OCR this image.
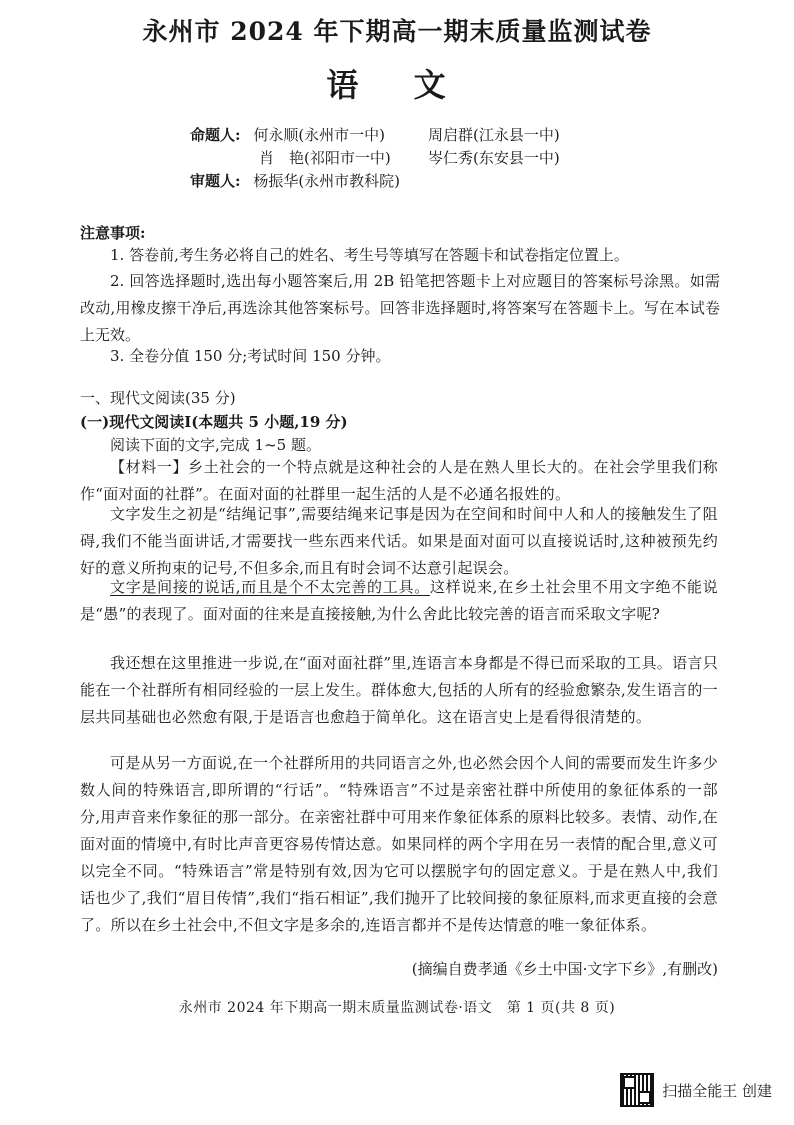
永州市 2024 年下期高一期末质量监测试卷
语 文
命题人: 何永顺(永州市一中)	周启群(江永县一中)
肖　艳(祁阳市一中) 岑仁秀(东安县一中)
审题人: 杨振华(永州市教科院)
注意事项:

1. 答卷前,考生务必将自己的姓名、考生号等填写在答题卡和试卷指定位置上。

2. 回答选择题时,选出每小题答案后,用 2B 铅笔把答题卡上对应题目的答案标号涂黑。如需改动,用橡皮擦干净后,再选涂其他答案标号。回答非选择题时,将答案写在答题卡上。写在本试卷上无效。

3. 全卷分值 150 分;考试时间 150 分钟。

一、现代文阅读(35 分)
(一)现代文阅读Ⅰ(本题共 5 小题,19 分)
阅读下面的文字,完成 1~5 题。

【材料一】乡土社会的一个特点就是这种社会的人是在熟人里长大的。在社会学里我们称作“面对面的社群”。在面对面的社群里一起生活的人是不必通名报姓的。

文字发生之初是“结绳记事”,需要结绳来记事是因为在空间和时间中人和人的接触发生了阻碍,我们不能当面讲话,才需要找一些东西来代话。如果是面对面可以直接说话时,这种被预先约好的意义所拘束的记号,不但多余,而且有时会词不达意引起误会。

文字是间接的说话,而且是个不太完善的工具。这样说来,在乡土社会里不用文字绝不能说是“愚”的表现了。面对面的往来是直接接触,为什么舍此比较完善的语言而采取文字呢?

我还想在这里推进一步说,在“面对面社群”里,连语言本身都是不得已而采取的工具。语言只能在一个社群所有相同经验的一层上发生。群体愈大,包括的人所有的经验愈繁杂,发生语言的一层共同基础也必然愈有限,于是语言也愈趋于简单化。这在语言史上是看得很清楚的。

可是从另一方面说,在一个社群所用的共同语言之外,也必然会因个人间的需要而发生许多少数人间的特殊语言,即所谓的“行话”。“特殊语言”不过是亲密社群中所使用的象征体系的一部分,用声音来作象征的那一部分。在亲密社群中可用来作象征体系的原料比较多。表情、动作,在面对面的情境中,有时比声音更容易传情达意。如果同样的两个字用在另一表情的配合里,意义可以完全不同。“特殊语言”常是特别有效,因为它可以摆脱字句的固定意义。于是在熟人中,我们话也少了,我们“眉目传情”,我们“指石相证”,我们抛开了比较间接的象征原料,而求更直接的会意了。所以在乡土社会中,不但文字是多余的,连语言都并不是传达情意的唯一象征体系。

(摘编自费孝通《乡土中国·文字下乡》,有删改)
永州市 2024 年下期高一期末质量监测试卷·语文　第 1 页(共 8 页)
扫描全能王 创建
